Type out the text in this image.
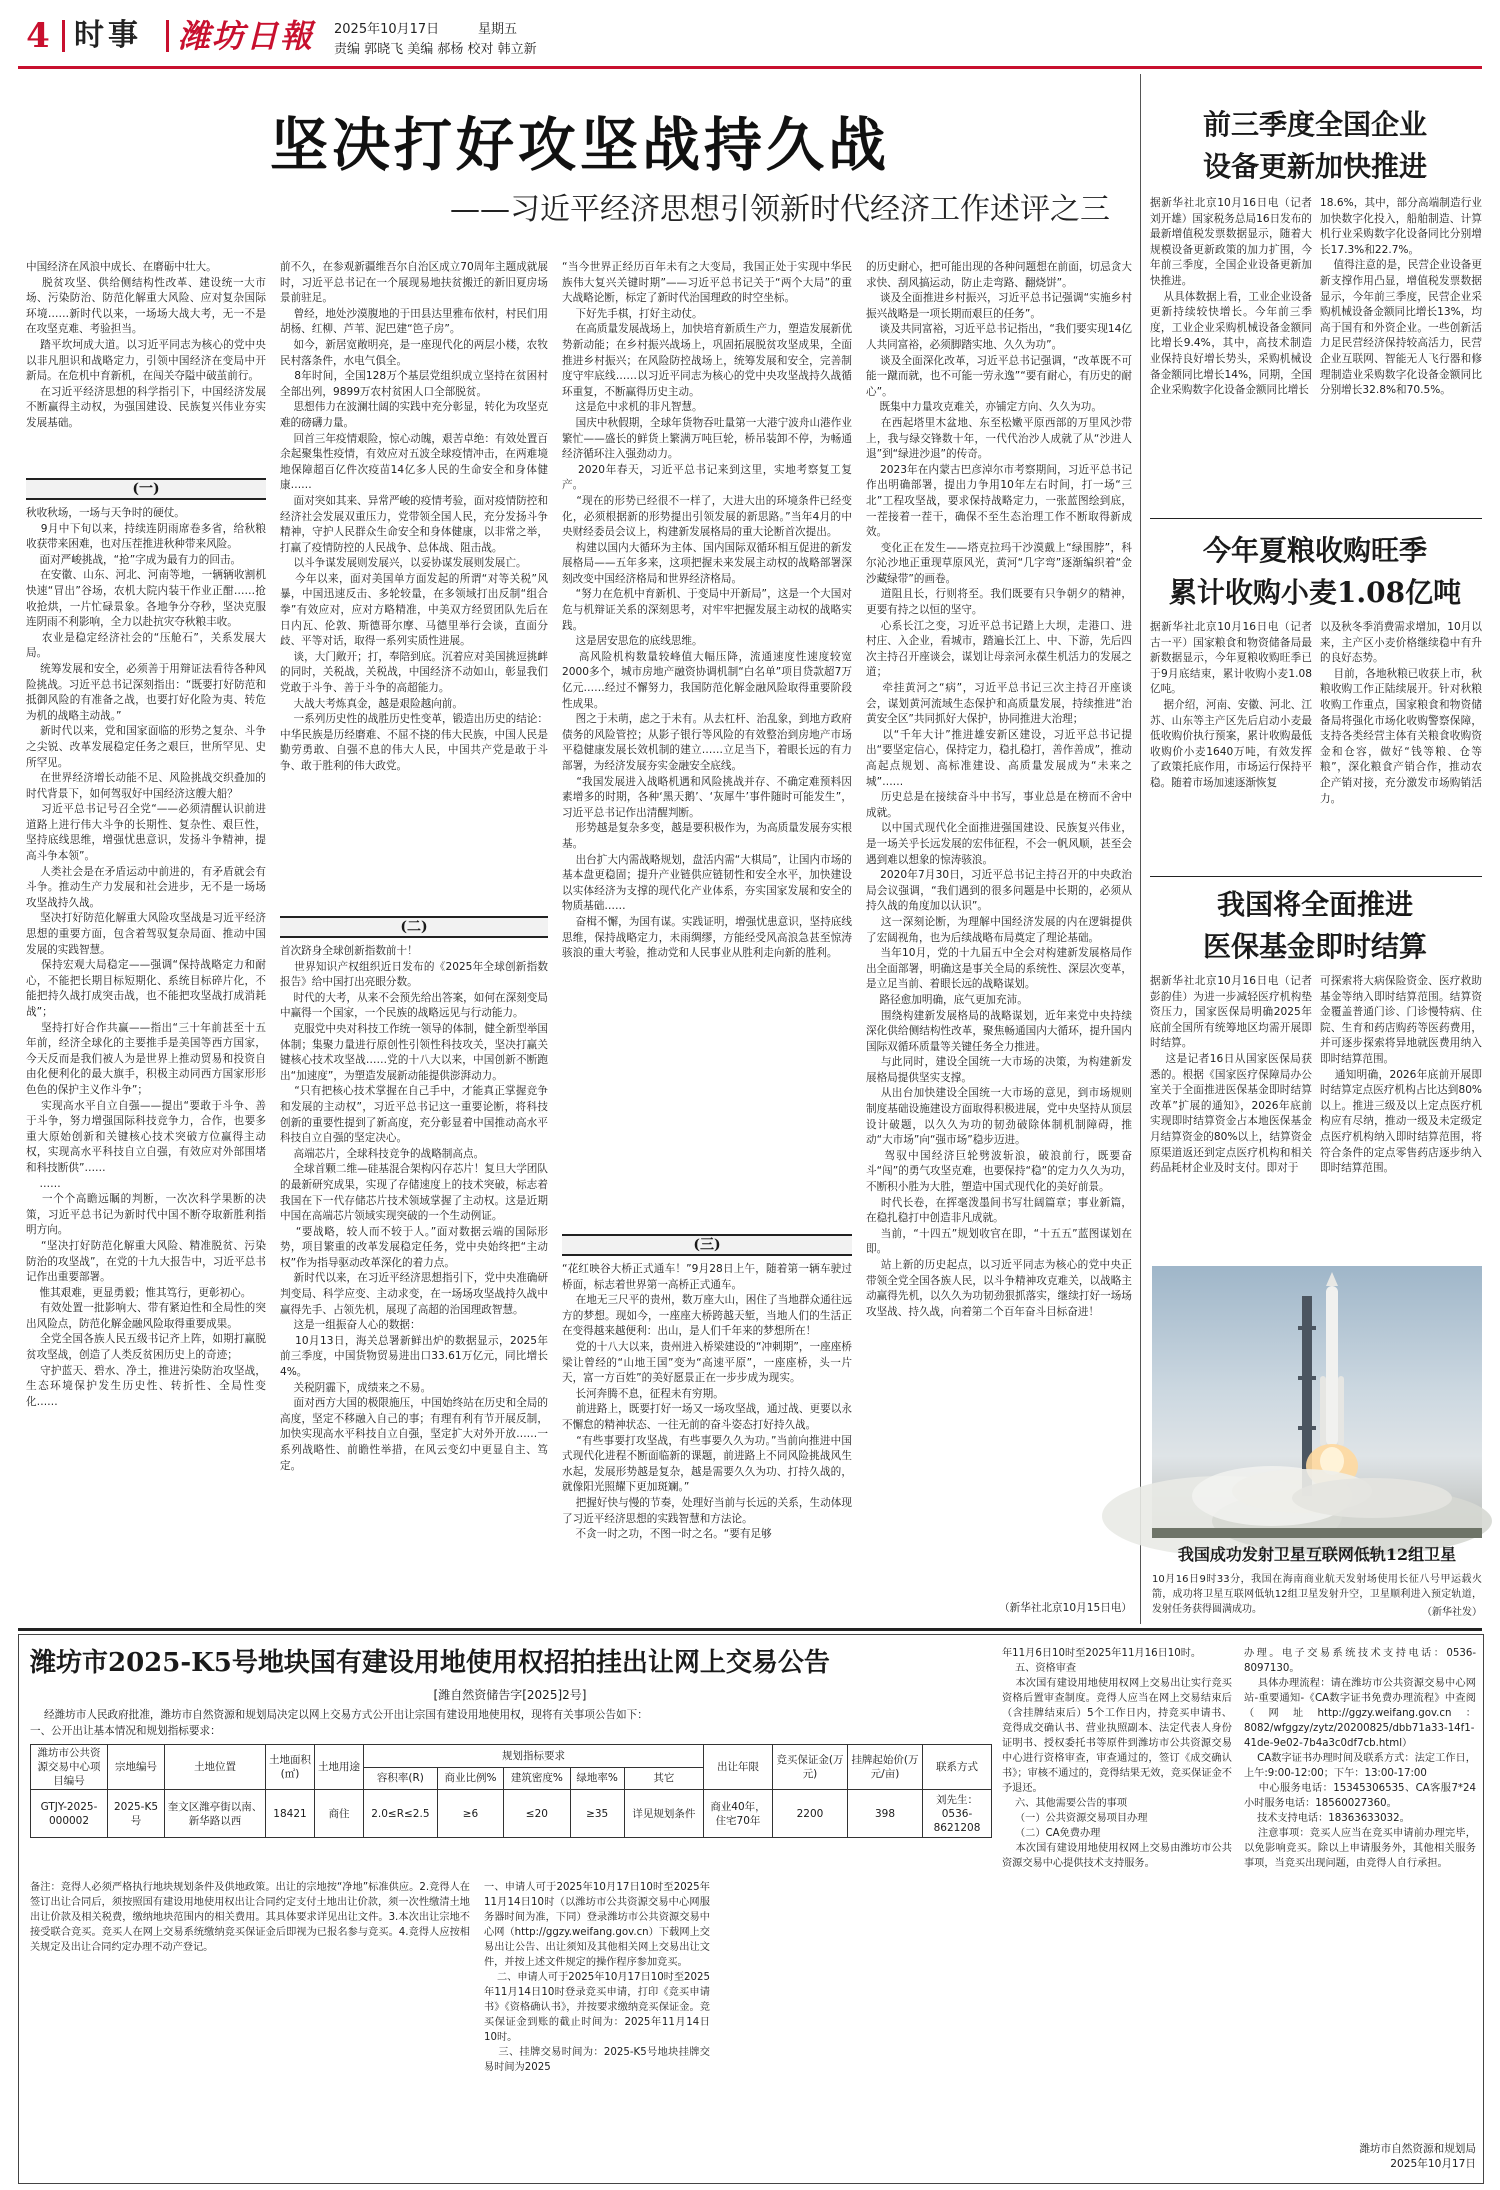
4 时事 潍坊日報 2025年10月17日	星期五
责编 郭晓飞 美编 郝杨 校对 韩立新
坚决打好攻坚战持久战
——习近平经济思想引领新时代经济工作述评之三
中国经济在风浪中成长、在磨砺中壮大。
脱贫攻坚、供给侧结构性改革、建设统一大市场、污染防治、防范化解重大风险、应对复杂国际环境……新时代以来，一场场大战大考，无一不是在攻坚克难、考验担当。
踏平坎坷成大道。以习近平同志为核心的党中央以非凡胆识和战略定力，引领中国经济在变局中开新局。在危机中育新机，在闯关夺隘中破茧前行。
在习近平经济思想的科学指引下，中国经济发展不断赢得主动权，为强国建设、民族复兴伟业夯实发展基础。
(一)
秋收秋场，一场与天争时的硬仗。
9月中下旬以来，持续连阴雨席卷多省，给秋粮收获带来困难，也对压茬推进秋种带来风险。
面对严峻挑战，“抢”字成为最有力的回击。
在安徽、山东、河北、河南等地，一辆辆收割机快速“冒出”谷场，农机大院内装干作业正酣……抢收抢烘，一片忙碌景象。各地争分夺秒，坚决克服连阴雨不利影响，全力以赴抗灾夺秋粮丰收。
农业是稳定经济社会的“压舱石”，关系发展大局。
统筹发展和安全，必须善于用辩证法看待各种风险挑战。习近平总书记深刻指出：“既要打好防范和抵御风险的有准备之战，也要打好化险为夷、转危为机的战略主动战。”
新时代以来，党和国家面临的形势之复杂、斗争之尖锐、改革发展稳定任务之艰巨，世所罕见、史所罕见。
在世界经济增长动能不足、风险挑战交织叠加的时代背景下，如何驾驭好中国经济这艘大船？
习近平总书记号召全党“——必须清醒认识前进道路上进行伟大斗争的长期性、复杂性、艰巨性，坚持底线思维，增强忧患意识，发扬斗争精神，提高斗争本领”。
人类社会是在矛盾运动中前进的，有矛盾就会有斗争。推动生产力发展和社会进步，无不是一场场攻坚战持久战。
坚决打好防范化解重大风险攻坚战是习近平经济思想的重要方面，包含着驾驭复杂局面、推动中国发展的实践智慧。
保持宏观大局稳定——强调“保持战略定力和耐心，不能把长期目标短期化、系统目标碎片化，不能把持久战打成突击战，也不能把攻坚战打成消耗战”；
坚持打好合作共赢——指出“三十年前甚至十五年前，经济全球化的主要推手是美国等西方国家，今天反而是我们被人为是世界上推动贸易和投资自由化便利化的最大旗手，积极主动同西方国家形形色色的保护主义作斗争”；
实现高水平自立自强——提出“要敢于斗争、善于斗争，努力增强国际科技竞争力，合作，也要多重大原始创新和关键核心技术突破方位赢得主动权，实现高水平科技自立自强，有效应对外部围堵和科技断供”……
……
一个个高瞻远瞩的判断，一次次科学果断的决策，习近平总书记为新时代中国不断夺取新胜利指明方向。
“坚决打好防范化解重大风险、精准脱贫、污染防治的攻坚战”，在党的十九大报告中，习近平总书记作出重要部署。
惟其艰难，更显勇毅；惟其笃行，更彰初心。
有效处置一批影响大、带有紧迫性和全局性的突出风险点，防范化解金融风险取得重要成果。
全党全国各族人民五级书记齐上阵，如期打赢脱贫攻坚战，创造了人类反贫困历史上的奇迹；
守护蓝天、碧水、净土，推进污染防治攻坚战，生态环境保护发生历史性、转折性、全局性变化……
前不久，在参观新疆维吾尔自治区成立70周年主题成就展时，习近平总书记在一个展现易地扶贫搬迁的新旧夏房场景前驻足。
曾经，地处沙漠腹地的于田县达里雅布依村，村民们用胡杨、红柳、芦苇、泥巴建“笆子房”。
如今，新居宽敞明亮，是一座现代化的两层小楼，农牧民村落条件，水电气俱全。
8年时间，全国128万个基层党组织成立坚持在贫困村全部出列，9899万农村贫困人口全部脱贫。
思想伟力在波澜壮阔的实践中充分彰显，转化为攻坚克难的磅礴力量。
回首三年疫情艰险，惊心动魄，艰苦卓绝：有效处置百余起聚集性疫情，有效应对五波全球疫情冲击，在两难境地保障超百亿件次疫苗14亿多人民的生命安全和身体健康……
面对突如其来、异常严峻的疫情考验，面对疫情防控和经济社会发展双重压力，党带领全国人民，充分发扬斗争精神，守护人民群众生命安全和身体健康，以非常之举，打赢了疫情防控的人民战争、总体战、阻击战。
以斗争谋发展则发展兴，以妥协谋发展则发展亡。
今年以来，面对美国单方面发起的所谓“对等关税”风暴，中国迅速反击、多轮较量，在多领域打出反制“组合拳”有效应对，应对方略精准，中美双方经贸团队先后在日内瓦、伦敦、斯德哥尔摩、马德里举行会谈，直面分歧、平等对话，取得一系列实质性进展。
谈，大门敞开；打，奉陪到底。沉着应对美国挑逗挑衅的同时，关税战，关税战，中国经济不动如山，彰显我们党敢于斗争、善于斗争的高超能力。
大战大考炼真金，越是艰险越向前。
一系列历史性的战胜历史性变革，锻造出历史的结论：中华民族是历经磨难、不屈不挠的伟大民族，中国人民是勤劳勇敢、自强不息的伟大人民，中国共产党是敢于斗争、敢于胜利的伟大政党。
(二)
首次跻身全球创新指数前十！
世界知识产权组织近日发布的《2025年全球创新指数报告》给中国打出亮眼分数。
时代的大考，从来不会预先给出答案，如何在深刻变局中赢得一个国家，一个民族的战略远见与行动能力。
克服党中央对科技工作统一领导的体制，健全新型举国体制；集聚力量进行原创性引领性科技攻关，坚决打赢关键核心技术攻坚战……党的十八大以来，中国创新不断跑出“加速度”，为塑造发展新动能提供澎湃动力。
“只有把核心技术掌握在自己手中，才能真正掌握竞争和发展的主动权”，习近平总书记这一重要论断，将科技创新的重要性提到了新高度，充分彰显着中国推动高水平科技自立自强的坚定决心。
高端芯片，全球科技竞争的战略制高点。
全球首颗二维—硅基混合架构闪存芯片！复旦大学团队的最新研究成果，实现了存储速度上的技术突破，标志着我国在下一代存储芯片技术领域掌握了主动权。这是近期中国在高端芯片领域实现突破的一个生动例证。
“要战略，较人而不较于人。”面对数据云端的国际形势，项目繁重的改革发展稳定任务，党中央始终把“主动权”作为指导驱动改革深化的着力点。
新时代以来，在习近平经济思想指引下，党中央准确研判变局、科学应变、主动求变，在一场场攻坚战持久战中赢得先手、占领先机，展现了高超的治国理政智慧。
这是一组振奋人心的数据：
10月13日，海关总署新鲜出炉的数据显示，2025年前三季度，中国货物贸易进出口33.61万亿元，同比增长4%。
关税阴霾下，成绩来之不易。
面对西方大国的极限施压，中国始终站在历史和全局的高度，坚定不移融入自己的事；有理有利有节开展反制，加快实现高水平科技自立自强，坚定扩大对外开放……一系列战略性、前瞻性举措，在风云变幻中更显自主、笃定。
“当今世界正经历百年未有之大变局，我国正处于实现中华民族伟大复兴关键时期”——习近平总书记关于“两个大局”的重大战略论断，标定了新时代治国理政的时空坐标。
下好先手棋，打好主动仗。
在高质量发展战场上，加快培育新质生产力，塑造发展新优势新动能；在乡村振兴战场上，巩固拓展脱贫攻坚成果，全面推进乡村振兴；在风险防控战场上，统筹发展和安全，完善制度守牢底线……以习近平同志为核心的党中央攻坚战持久战循环重复，不断赢得历史主动。
这是危中求机的非凡智慧。
国庆中秋假期，全球年货物吞吐量第一大港宁波舟山港作业繁忙——盛长的鲜货上繁满万吨巨轮，桥吊装卸不停，为畅通经济循环注入强劲动力。
2020年春天，习近平总书记来到这里，实地考察复工复产。
“现在的形势已经很不一样了，大进大出的环境条件已经变化，必须根据新的形势提出引领发展的新思路。”当年4月的中央财经委员会议上，构建新发展格局的重大论断首次提出。
构建以国内大循环为主体、国内国际双循环相互促进的新发展格局——五年多来，这项把握未来发展主动权的战略部署深刻改变中国经济格局和世界经济格局。
“努力在危机中育新机、于变局中开新局”，这是一个大国对危与机辩证关系的深刻思考，对牢牢把握发展主动权的战略实践。
这是居安思危的底线思维。
高风险机构数量较峰值大幅压降，流通速度性速度较宽2000多个，城市房地产融资协调机制“白名单”项目贷款超7万亿元……经过不懈努力，我国防范化解金融风险取得重要阶段性成果。
图之于未萌，虑之于未有。从去杠杆、治乱象，到地方政府债务的风险管控；从影子银行等风险的有效整治到房地产市场平稳健康发展长效机制的建立……立足当下，着眼长远的有力部署，为经济发展夯实金融安全底线。
“我国发展进入战略机遇和风险挑战并存、不确定难预料因素增多的时期，各种‘黑天鹅’、‘灰犀牛’事件随时可能发生”，习近平总书记作出清醒判断。
形势越是复杂多变，越是要积极作为，为高质量发展夯实根基。
出台扩大内需战略规划，盘活内需“大棋局”，让国内市场的基本盘更稳固；提升产业链供应链韧性和安全水平，加快建设以实体经济为支撑的现代化产业体系，夯实国家发展和安全的物质基础……
奋楫不懈，为国有谋。实践证明，增强忧患意识，坚持底线思维，保持战略定力，未雨绸缪，方能经受风高浪急甚至惊涛骇浪的重大考验，推动党和人民事业从胜利走向新的胜利。
(三)
“花红映谷大桥正式通车！”9月28日上午，随着第一辆车驶过桥面，标志着世界第一高桥正式通车。
在地无三尺平的贵州，数万座大山，困住了当地群众通往远方的梦想。现如今，一座座大桥跨越天堑，当地人们的生活正在变得越来越便利：出山，是人们千年来的梦想所在！
党的十八大以来，贵州进入桥梁建设的“冲刺期”，一座座桥梁让曾经的“山地王国”变为“高速平原”，一座座桥，头一片天，富一方百姓”的美好愿景正在一步步成为现实。
长河奔腾不息，征程未有穷期。
前进路上，既要打好一场又一场攻坚战，通过战、更要以永不懈怠的精神状态、一往无前的奋斗姿态打好持久战。
“有些事要打攻坚战，有些事要久久为功。”当前向推进中国式现代化进程不断面临新的课题，前进路上不同风险挑战风生水起，发展形势越是复杂，越是需要久久为功、打持久战的，就像阳光照耀下更加斑斓。”
把握好快与慢的节奏，处理好当前与长远的关系，生动体现了习近平经济思想的实践智慧和方法论。
不贪一时之功，不图一时之名。“要有足够
的历史耐心，把可能出现的各种问题想在前面，切忌贪大求快、刮风搞运动，防止走弯路、翻烧饼”。
谈及全面推进乡村振兴，习近平总书记强调“实施乡村振兴战略是一项长期而艰巨的任务”。
谈及共同富裕，习近平总书记指出，“我们要实现14亿人共同富裕，必须脚踏实地、久久为功”。
谈及全面深化改革，习近平总书记强调，“改革既不可能一蹴而就，也不可能一劳永逸”“要有耐心，有历史的耐心”。
既集中力量攻克难关，亦铺定方向、久久为功。
在西起塔里木盆地、东至松嫩平原西部的万里风沙带上，我与绿交锋数十年，一代代治沙人成就了从“沙进人退”到“绿进沙退”的传奇。
2023年在内蒙古巴彦淖尔市考察期间，习近平总书记作出明确部署，提出力争用10年左右时间，打一场“三北”工程攻坚战，要求保持战略定力，一张蓝图绘到底，一茬接着一茬干，确保不至生态治理工作不断取得新成效。
变化正在发生——塔克拉玛干沙漠戴上“绿围脖”，科尔沁沙地正重现草原风光，黄河“几字弯”逐渐编织着“金沙藏绿带”的画卷。
道阻且长，行则将至。我们既要有只争朝夕的精神，更要有持之以恒的坚守。
心系长江之变，习近平总书记踏上大坝，走港口、进村庄、入企业，看城市，踏遍长江上、中、下游，先后四次主持召开座谈会，谋划让母亲河永葆生机活力的发展之道；
牵挂黄河之“病”，习近平总书记三次主持召开座谈会，谋划黄河流域生态保护和高质量发展，持续推进“治黄安全区”共同抓好大保护，协同推进大治理；
以“千年大计”推进雄安新区建设，习近平总书记提出“要坚定信心，保持定力，稳扎稳打，善作善成”，推动高起点规划、高标准建设、高质量发展成为“未来之城”……
历史总是在接续奋斗中书写，事业总是在榜而不舍中成就。
以中国式现代化全面推进强国建设、民族复兴伟业，是一场关乎长远发展的宏伟征程，不会一帆风顺，甚至会遇到难以想象的惊涛骇浪。
2020年7月30日，习近平总书记主持召开的中央政治局会议强调，“我们遇到的很多问题是中长期的，必须从持久战的角度加以认识”。
这一深刻论断，为理解中国经济发展的内在逻辑提供了宏阔视角，也为后续战略布局奠定了理论基础。
当年10月，党的十九届五中全会对构建新发展格局作出全面部署，明确这是事关全局的系统性、深层次变革，是立足当前、着眼长远的战略谋划。
路径愈加明确，底气更加充沛。
围绕构建新发展格局的战略谋划，近年来党中央持续深化供给侧结构性改革，聚焦畅通国内大循环，提升国内国际双循环质量等关键任务全力推进。
与此同时，建设全国统一大市场的决策，为构建新发展格局提供坚实支撑。
从出台加快建设全国统一大市场的意见，到市场规则制度基础设施建设方面取得积极进展，党中央坚持从顶层设计破题，以久久为功的韧劲破除体制机制障碍，推动“大市场”向“强市场”稳步迈进。
驾驭中国经济巨轮劈波斩浪，破浪前行，既要奋斗“闯”的勇气攻坚克难，也要保持“稳”的定力久久为功，不断积小胜为大胜，塑造中国式现代化的美好前景。
时代长卷，在挥毫泼墨间书写壮阔篇章；事业新篇，在稳扎稳打中创造非凡成就。
当前，“十四五”规划收官在即，“十五五”蓝图谋划在即。
站上新的历史起点，以习近平同志为核心的党中央正带领全党全国各族人民，以斗争精神攻克难关，以战略主动赢得先机，以久久为功韧劲狠抓落实，继续打好一场场攻坚战、持久战，向着第二个百年奋斗目标奋进！
（新华社北京10月15日电）
前三季度全国企业
设备更新加快推进
据新华社北京10月16日电（记者　刘开雄）国家税务总局16日发布的最新增值税发票数据显示，随着大规模设备更新政策的加力扩围，今年前三季度，全国企业设备更新加快推进。
从具体数据上看，工业企业设备更新持续较快增长。今年前三季度，工业企业采购机械设备金额同比增长9.4%，其中，高技术制造业保持良好增长势头，采购机械设备金额同比增长14%，同期，全国企业采购数字化设备金额同比增长
18.6%，其中，部分高端制造行业加快数字化投入，船舶制造、计算机行业采购数字化设备同比分别增长17.3%和22.7%。
值得注意的是，民营企业设备更新支撑作用凸显，增值税发票数据显示，今年前三季度，民营企业采购机械设备金额同比增长13%，均高于国有和外资企业。一些创新活力足民营经济保持较高活力，民营企业互联网、智能无人飞行器和修理制造业采购数字化设备金额同比分别增长32.8%和70.5%。
今年夏粮收购旺季
累计收购小麦1.08亿吨
据新华社北京10月16日电（记者　古一平）国家粮食和物资储备局最新数据显示，今年夏粮收购旺季已于9月底结束，累计收购小麦1.08亿吨。
据介绍，河南、安徽、河北、江苏、山东等主产区先后启动小麦最低收购价执行预案，累计收购最低收购价小麦1640万吨，有效发挥了政策托底作用，市场运行保持平稳。随着市场加速逐渐恢复
以及秋冬季消费需求增加，10月以来，主产区小麦价格继续稳中有升的良好态势。
目前，各地秋粮已收获上市，秋粮收购工作正陆续展开。针对秋粮收购工作重点，国家粮食和物资储备局将强化市场化收购警察保障，支持各类经营主体有关粮食收购资金和仓容，做好“钱等粮、仓等粮”，深化粮食产销合作，推动农企产销对接，充分激发市场购销活力。
我国将全面推进
医保基金即时结算
据新华社北京10月16日电（记者　彭韵佳）为进一步减轻医疗机构垫资压力，国家医保局明确2025年底前全国所有统筹地区均需开展即时结算。
这是记者16日从国家医保局获悉的。根据《国家医疗保障局办公室关于全面推进医保基金即时结算改革”扩展的通知》，2026年底前实现即时结算资金占本地医保基金月结算资金的80%以上，结算资金原渠道返还到定点医疗机构和相关药品耗材企业及时支付。即对于
可探索将大病保险资金、医疗救助基金等纳入即时结算范围。结算资金覆盖普通门诊、门诊慢特病、住院、生育和药店购药等医药费用，并可逐步探索将异地就医费用纳入即时结算范围。
通知明确，2026年底前开展即时结算定点医疗机构占比达到80%以上。推进三级及以上定点医疗机构应有尽纳，推动一级及未定级定点医疗机构纳入即时结算范围，将符合条件的定点零售药店逐步纳入即时结算范围。
我国成功发射卫星互联网低轨12组卫星
10月16日9时33分，我国在海南商业航天发射场使用长征八号甲运载火箭，成功将卫星互联网低轨12组卫星发射升空，卫星顺利进入预定轨道，发射任务获得圆满成功。	（新华社发）
潍坊市2025-K5号地块国有建设用地使用权招拍挂出让网上交易公告
[潍自然资储告字[2025]2号]
经潍坊市人民政府批准，潍坊市自然资源和规划局决定以网上交易方式公开出让宗国有建设用地使用权，现将有关事项公告如下：
一、公开出让基本情况和规划指标要求：
潍坊市公共资源交易中心项目编号	宗地编号	土地位置	土地面积(㎡)	土地用途	规划指标要求					出让年限	竞买保证金(万元)	挂牌起始价(万元/亩)	联系方式
					容积率(R)	商业比例%	建筑密度%	绿地率%	其它				
GTJY-2025-000002	2025-K5号	奎文区潍亭街以南、新华路以西	18421	商住	2.0≤R≤2.5	≥6	≤20	≥35	详见规划条件	商业40年，住宅70年	2200	398	刘先生：0536-8621208
备注：竞得人必须严格执行地块规划条件及供地政策。出让的宗地按“净地”标准供应。2.竞得人在签订出让合同后，须按照国有建设用地使用权出让合同约定支付土地出让价款，须一次性缴清土地出让价款及相关税费，缴纳地块范围内的相关费用。其具体要求详见出让文件。3.本次出让宗地不接受联合竞买。竞买人在网上交易系统缴纳竞买保证金后即视为已报名参与竞买。4.竞得人应按相关规定及出让合同约定办理不动产登记。
一、申请人可于2025年10月17日10时至2025年11月14日10时（以潍坊市公共资源交易中心网服务器时间为准，下同）登录潍坊市公共资源交易中心网（http://ggzy.weifang.gov.cn）下载网上交易出让公告、出让须知及其他相关网上交易出让文件，并按上述文件规定的操作程序参加竞买。
二、申请人可于2025年10月17日10时至2025年11月14日10时登录竞买申请，打印《竞买申请书》《资格确认书》，并按要求缴纳竞买保证金。竞买保证金到账的截止时间为：2025年11月14日10时。
三、挂牌交易时间为：2025-K5号地块挂牌交易时间为2025
年11月6日10时至2025年11月16日10时。
五、资格审查
本次国有建设用地使用权网上交易出让实行竞买资格后置审查制度。竞得人应当在网上交易结束后（含挂牌结束后）5个工作日内，持竞买申请书、竞得成交确认书、营业执照副本、法定代表人身份证明书、授权委托书等原件到潍坊市公共资源交易中心进行资格审查，审查通过的，签订《成交确认书》；审核不通过的，竞得结果无效，竞买保证金不予退还。
六、其他需要公告的事项
（一）公共资源交易项目办理
（二）CA免费办理
本次国有建设用地使用权网上交易由潍坊市公共资源交易中心提供技术支持服务。
办理。电子交易系统技术支持电话：0536-8097130。
具体办理流程：请在潍坊市公共资源交易中心网站-重要通知-《CA数字证书免费办理流程》中查阅（网址http://ggzy.weifang.gov.cn：8082/wfggzy/zytz/20200825/dbb71a33-14f1-41de-9e02-7b4a3c0df7cb.html）
CA数字证书办理时间及联系方式：法定工作日，上午:9:00-12:00；下午：13:00-17:00
中心服务电话：15345306535、CA客服7*24小时服务电话：18560027360。
技术支持电话：18363633032。
注意事项：竞买人应当在竞买申请前办理完毕，以免影响竞买。除以上申请服务外，其他相关服务事项，当竞买出现问题，由竞得人自行承担。
潍坊市自然资源和规划局
2025年10月17日
